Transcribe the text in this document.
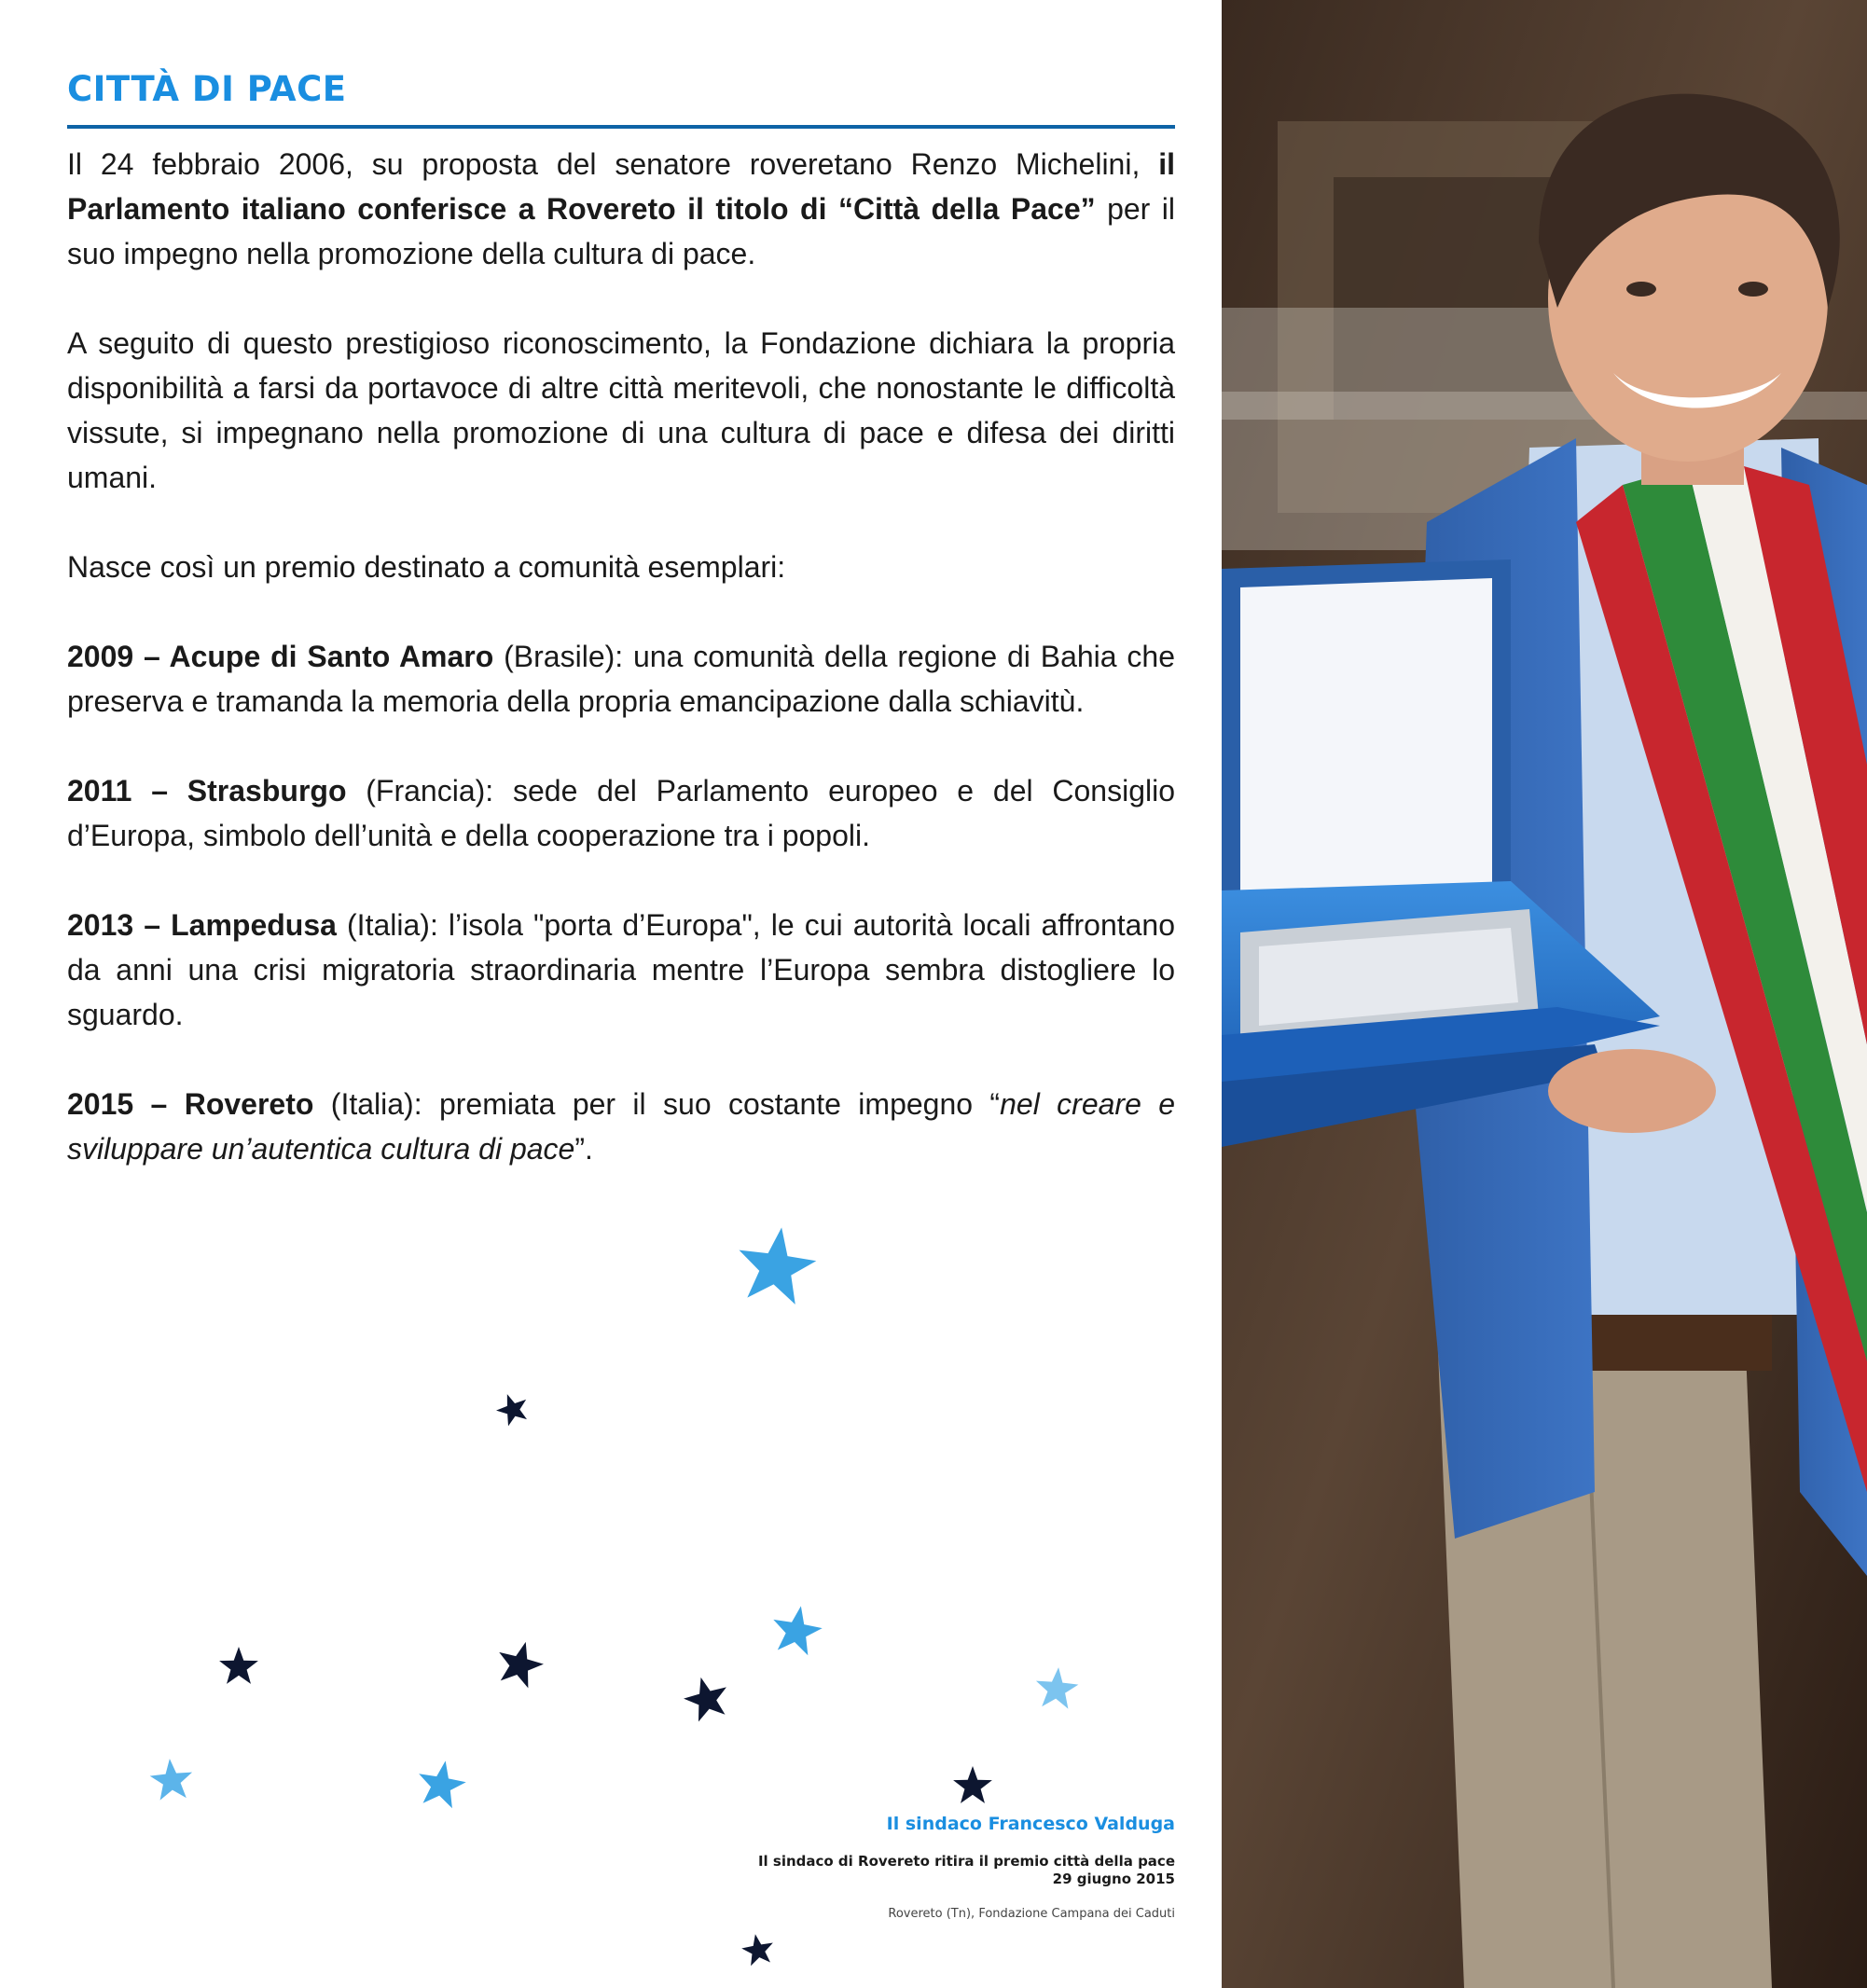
CITTÀ DI PACE

Il 24 febbraio 2006, su proposta del senatore roveretano Renzo Michelini, il Parlamento italiano conferisce a Rovereto il titolo di “Città della Pace” per il suo impegno nella promozione della cultura di pace.

A seguito di questo prestigioso riconoscimento, la Fondazione dichiara la propria disponibilità a farsi da portavoce di altre città meritevoli, che nonostante le difficoltà vissute, si impegnano nella promozione di una cultura di pace e difesa dei diritti umani.

Nasce così un premio destinato a comunità esemplari:

2009 – Acupe di Santo Amaro (Brasile): una comunità della regione di Bahia che preserva e tramanda la memoria della propria emancipazione dalla schiavitù.

2011 – Strasburgo (Francia): sede del Parlamento europeo e del Consiglio d’Europa, simbolo dell’unità e della cooperazione tra i popoli.

2013 – Lampedusa (Italia): l’isola "porta d’Europa", le cui autorità locali affrontano da anni una crisi migratoria straordinaria mentre l’Europa sembra distogliere lo sguardo.

2015 – Rovereto (Italia): premiata per il suo costante impegno “nel creare e sviluppare un’autentica cultura di pace”.

Il sindaco Francesco Valduga
Il sindaco di Rovereto ritira il premio città della pace
29 giugno 2015
Rovereto (Tn), Fondazione Campana dei Caduti
